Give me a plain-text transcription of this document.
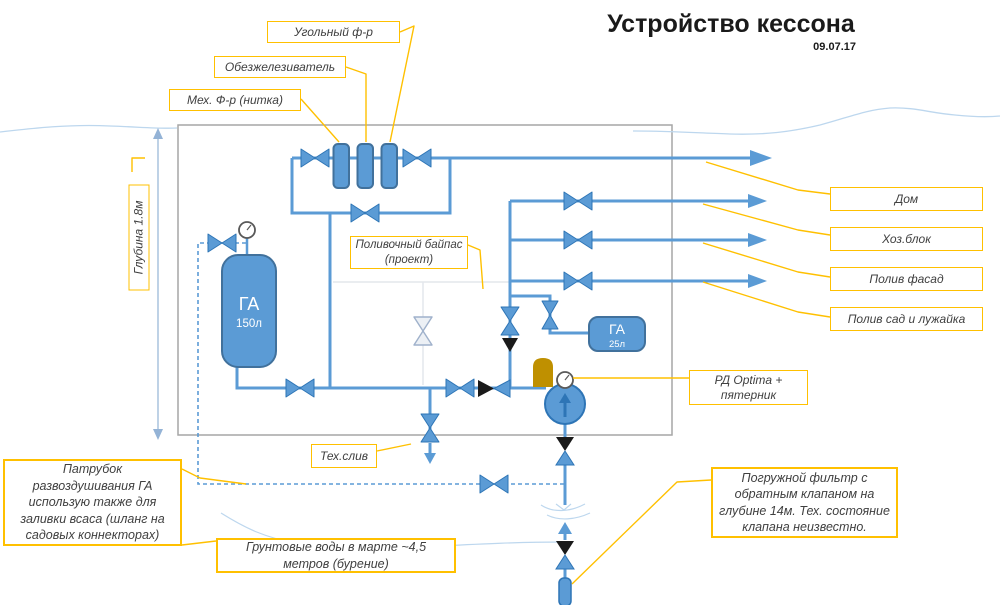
ГА
150л	ГА
25л
Устройство кессона
09.07.17
Угольный ф-р
Обезжелезиватель
Мех. Ф-р (нитка)
Глубина 1.8м	Поливочный байпас (проект)
Дом
Хоз.блок
Полив фасад
Полив сад и лужайка
РД Optima + пятерник
Тех.слив
Патрубок развоздушивания ГА использую также для заливки всаса (шланг на садовых коннекторах)
Грунтовые воды в марте ~4,5 метров (бурение)
Погружной фильтр с обратным клапаном на глубине 14м. Тех. состояние клапана неизвестно.
